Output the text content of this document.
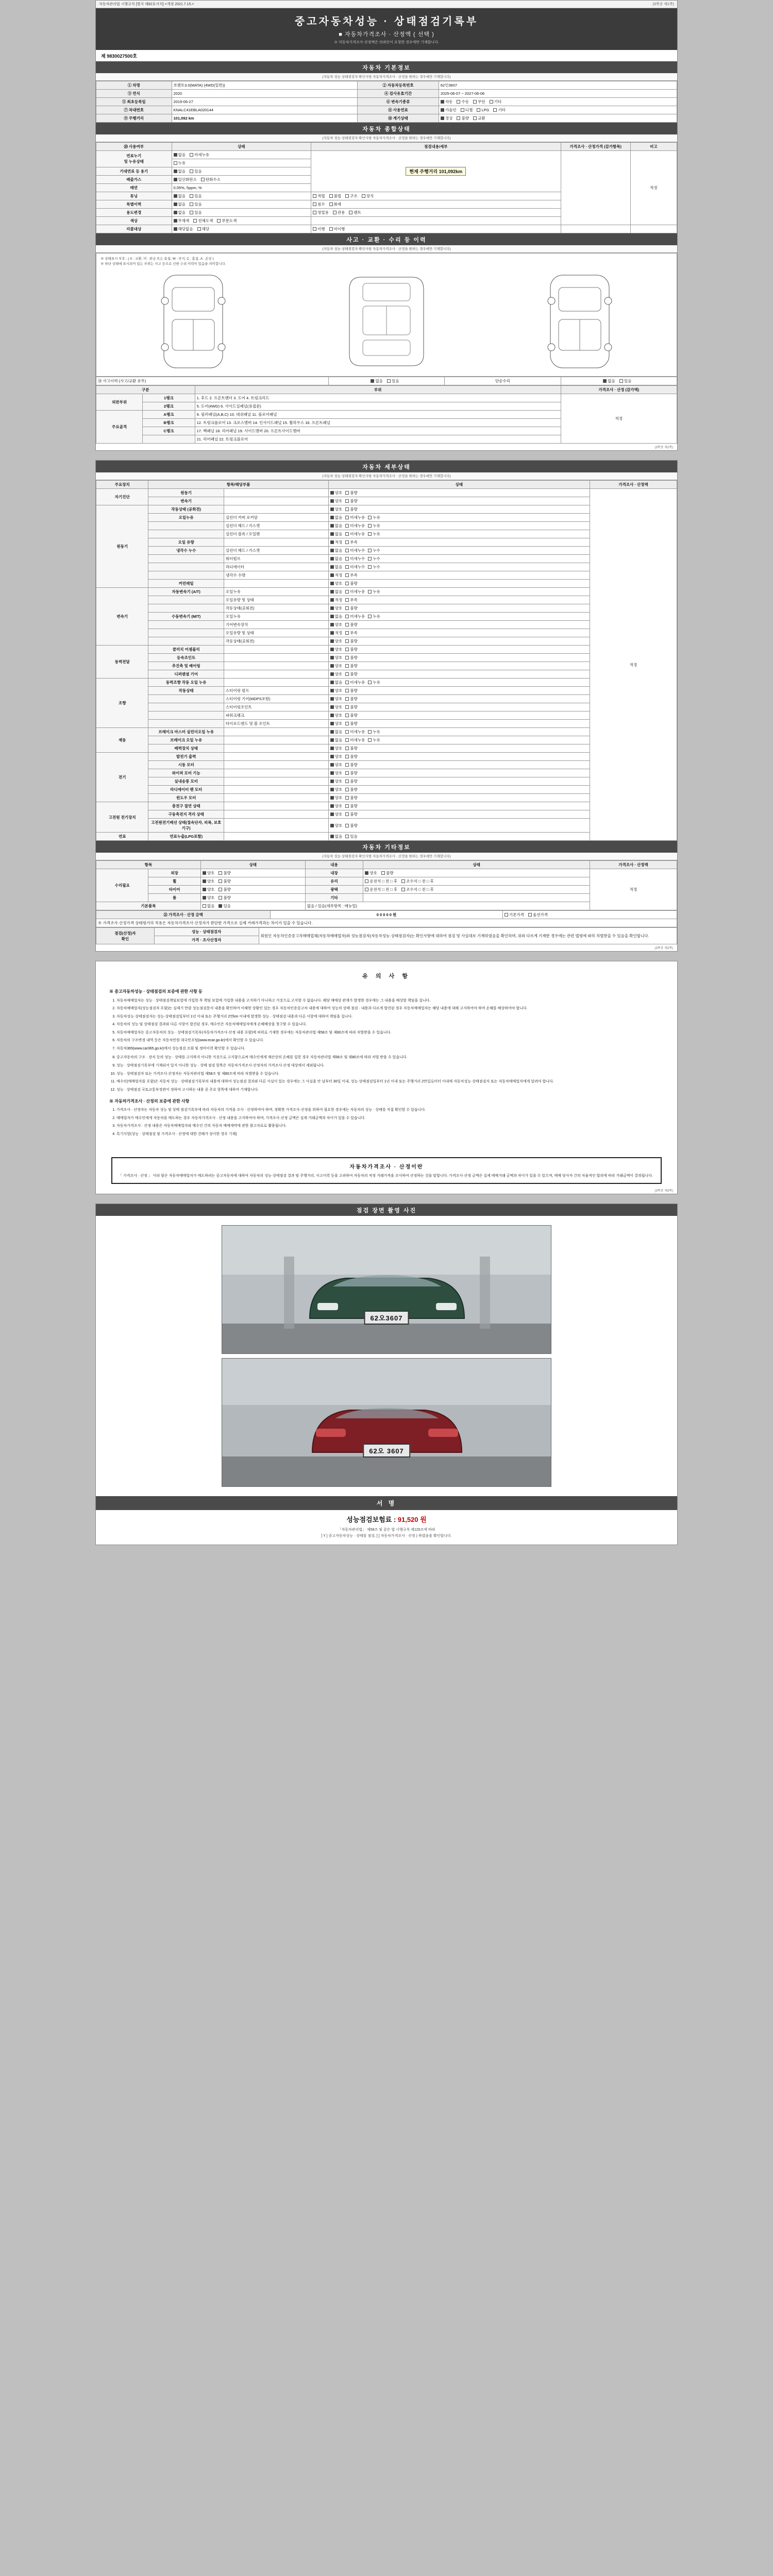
자동차관리법 시행규칙 [별지 제82호서식] <개정 2021.7.15.>	(3쪽중 제1쪽)
중고자동차성능 · 상태점검기록부
■ 자동차가격조사 · 산정액 ( 선택 )
※ 자동차가격조사·산정액은 의뢰인이 요청한 경우에만 기재합니다.
제 9830027500호
자동차 기본정보
(자동차 성능·상태점검자 확인사항 자동차가격조사 · 산정을 원하는 경우에만 기재합니다)
① 차명	쏘렌토3.0(MATA) (4WD(일반))	② 자동차등록번호	62인3607
③ 연식	2020	④ 검사유효기간	2025-06-07 ~ 2027-06-06
⑤ 최초등록일	2019-06-27	⑥ 변속기종류	자동 수동 무단 기타
⑦ 차대번호	KNALC41EBLA020144	⑧ 사용연료	가솔린 디젤 LPG 기타
⑨ 주행거리	101,092 km	⑩ 계기상태	정상 불량 교환
자동차 종합상태
(자동차 성능·상태점검자 확인사항 자동차가격조사 · 산정을 원하는 경우에만 기재합니다)
⑳ 사용여부	상태	점검내용/세부	가격조사 · 산정가격 (감가항목)	비고
연료누기
및 누유상태	없음 미세누유	현재 주행거리 101,092km		적정
	누유			
기대연료 등 용기	없음 있음			
배출가스	일산화탄소 탄화수소			
매연	0.05%, 5ppm, %			
튜닝	없음 있음	적법 불법 구조 장치		
특별이력	없음 있음	침수 화재		
용도변경	없음 있음	영업용 관용 렌트		
색상	무채색 전체도색 부분도색			
리콜대상	해당없음 해당	이행 미이행		
사고 · 교환 · 수리 등 이력
(자동차 성능·상태점검자 확인사항 자동차가격조사 · 산정을 원하는 경우에만 기재합니다)
※ 상태표시 부호 : ( X : 교환, 미 : 판금 또는 용접, W : 부식, C : 흠집, A : 손상 )
※ 하단 상태에 표시되어 있는 부위는 사고 등으로 인한 수리 이력이 있음을 의미합니다.
⑳ 사고이력 (사고/교환 유무)	없음 있음	단순수리	없음 있음
구분		부위	가격조사 · 산정 (감가액)
외판부위	1랭크	1. 후드 2. 프론트팬더 3. 도어 4. 트렁크리드	적정
	2랭크	5. 도어(4WD) 6. 사이드실패널(용접문)	
주요골격	A랭크	9. 필러패널(A,B,C) 10. 대쉬패널 11. 플로어패널	
	B랭크	12. 트렁크플로어 13. 크로스멤버 14. 인사이드패널 15. 휠하우스 16. 프론트패널	
	C랭크	17. 백패널 18. 리어패널 19. 사이드멤버 20. 프론트사이드멤버	
		21. 리어패널 22. 트렁크플로어	
(3쪽중 제1쪽)
자동차 세부상태
(자동차 성능·상태점검자 확인사항 자동차가격조사 · 산정을 원하는 경우에만 기재합니다)
주요장치	항목/해당부품		상태	가격조사 · 산정액
자기진단	원동기		양호 불량	적정
	변속기		양호 불량	
원동기	작동상태 (공회전)		양호 불량	
	오일누유	실린더 커버 로커암	없음 미세누유 누유	
		실린더 헤드 / 가스켓	없음 미세누유 누유	
		실린더 블록 / 오일팬	없음 미세누유 누유	
	오일 유량		적정 부족	
	냉각수 누수	실린더 헤드 / 가스켓	없음 미세누수 누수	
		워터펌프	없음 미세누수 누수	
		라디에이터	없음 미세누수 누수	
		냉각수 수량	적정 부족	
	커먼레일		양호 불량	
변속기	자동변속기 (A/T)	오일누유	없음 미세누유 누유	
		오일유량 및 상태	적정 부족	
		작동상태(공회전)	양호 불량	
	수동변속기 (M/T)	오일누유	없음 미세누유 누유	
		기어변속장치	양호 불량	
		오일유량 및 상태	적정 부족	
		작동상태(공회전)	양호 불량	
동력전달	클러치 어셈블리		양호 불량	
	등속조인트		양호 불량	
	추진축 및 베어링		양호 불량	
	디퍼렌셜 기어		양호 불량	
조향	동력조향 작동 오일 누유		없음 미세누유 누유	
	작동상태	스티어링 펌프	양호 불량	
		스티어링 기어(MDPS포함)	양호 불량	
		스티어링조인트	양호 불량	
		파워크랭크	양호 불량	
		타이로드엔드 및 볼 조인트	양호 불량	
제동	브레이크 마스터 실린더오일 누유		없음 미세누유 누유	
	브레이크 오일 누유		없음 미세누유 누유	
	배력장치 상태		양호 불량	
전기	발전기 출력		양호 불량	
	시동 모터		양호 불량	
	와이퍼 모터 기능		양호 불량	
	실내송풍 모터		양호 불량	
	라디에이터 팬 모터		양호 불량	
	윈도우 모터		양호 불량	
고전원 전기장치	충전구 절연 상태		양호 불량	
	구동축전지 격리 상태		양호 불량	
	고전원전기배선 상태(접속단자, 피복, 보호기구)		양호 불량	
연료	연료누출(LPG포함)		없음 있음	
자동차 기타정보
(자동차 성능·상태점검자 확인사항 자동차가격조사 · 산정을 원하는 경우에만 기재합니다)
항목		상태	내용	상태	가격조사 · 산정액
수리필요	외장	양호 불량	내장	양호 불량	적정
	휠	양호 불량	유리	운전석 □ 전 □ 후 조수석 □ 전 □ 후	
	타이어	양호 불량	광택	운전석 □ 전 □ 후 조수석 □ 전 □ 후	
	룸	양호 불량	기타		
기본품목		없음 있음	없음 / 있음(세부항목 : 메뉴얼)		
㉑ 가격조사 · 산정 금액	0 0 0 0 0 원	기본가격 옵션가격
※ 가격조사·산정가격 상태평가의 적용은 자동차가격조사·산정자가 판단한 가격으로 실제 거래가격과는 차이가 있을 수 있습니다.
점검(산정)자
확인	성능 · 상태점검자	회원인 자동차인증중고차매매업체(자동차매매업자)와 성능점검자(자동차성능·상태점검자)는 확인사항에 대하여 점검 및 사실대로 기재하였음을 확인하며, 위와 다르게 기재한 경우에는 관련 법령에 따라 처벌받을 수 있음을 확인합니다.
가격 · 조사산정자
(3쪽중 제2쪽)
유 의 사 항
※ 중고자동차성능 · 상태점검의 보증에 관한 사항 등
1. 자동차매매업자는 성능 · 상태점검책임보험에 가입한 후 책임 보험에 가입한 내용을 고지하기 아니하고 거짓으로 고지할 수 없습니다. 해당 매매상 관계가 발생한 경우에는 그 내용을 배상할 책임을 집니다.
2. 자동차매매업자(성능점검자 포함)는 실제기 만큼 성능점검문서 내용을 확인하여 이해한 상황인 있는 경우 자동차인증중고차 내용에 대하여 성능의 상태 점검 · 내용과 다르게 발견된 경우 자동차매매업자는 해당 내용에 대해 고지하여야 하며 손해를 배상하여야 합니다.
3. 자동차성능·상태점검자는 성능·상태점검일부터 1년 이내 또는 주행거리 2만km 이내에 발생한 성능 · 상태점검 내용과 다른 사항에 대하여 책임을 집니다.
4. 자동차의 성능 및 상태점검 결과와 다른 사항이 발견된 경우, 매수인은 자동차매매업자에게 손해배상을 청구할 수 있습니다.
5. 자동차매매업자는 중고자동차의 성능 · 상태점검기록부(자동차가격조사·산정 내용 포함)에 허위로 기재한 경우에는 자동차관리법 제58조 및 제80조에 따라 처벌받을 수 있습니다.
6. 자동차의 구조변경 내역 등은 자동차민원 대국민포털(www.ecar.go.kr)에서 확인할 수 있습니다.
7. 자동차365(www.car365.go.kr)에서 성능점검 조회 및 정비이력 확인할 수 있습니다.
8. 중고자동차의 구조 · 장치 등의 성능 · 상태를 고지하지 아니한 거짓으로 고지함으로써 매수인에게 재산상의 손해를 입힌 경우 자동차관리법 제58조 및 제80조에 따라 처벌 받을 수 있습니다.
9. 성능 · 상태점검기록부에 기재되어 있지 아니한 성능 · 상태 점검 항목은 자동차가격조사·산정자의 가격조사·산정 대상에서 제외됩니다.
10. 성능 · 상태점검자 또는 가격조사·산정자는 자동차관리법 제58조 및 제80조에 따라 처벌받을 수 있습니다.
11. 매수인(매매업자를 포함)은 자동차 성능 · 상태점검기록부의 내용에 대하여 성능점검 결과와 다른 사실이 있는 경우에는 그 사실을 안 날부터 30일 이내, 성능·상태점검일부터 1년 이내 또는 주행거리 2만킬로미터 이내에 자동차성능·상태점검자 또는 자동차매매업자에게 알려야 합니다.
12. 성능 · 상태점검 국토교통부장관이 정하여 고시하는 내용 중 주요 항목에 대하여 기재합니다.
※ 자동차가격조사 · 산정의 보증에 관한 사항
1. 가격조사 · 산정자는 자동차 성능 및 상태 점검기록부에 따라 자동차의 가격을 조사 · 산정하여야 하며, 정확한 가격조사·산정을 위하여 필요한 경우에는 자동차의 성능 · 상태를 직접 확인할 수 있습니다.
2. 매매업자가 매수인에게 자동차를 매도하는 경우 자동차가격조사 · 산정 내용을 고지하여야 하며, 가격조사·산정 금액은 실제 거래금액과 차이가 있을 수 있습니다.
3. 자동차가격조사 · 산정 내용은 자동차매매업자와 매수인 간의 자동차 매매계약에 관한 참고자료로 활용됩니다.
4. 특기사항(성능 · 상태점검 및 가격조사 · 산정에 대한 견해가 상이한 경우 기재)
자동차가격조사 · 산정이란
「 가격조사 · 산정 」 이라 함은 자동차매매업자가 매도하려는 중고자동차에 대하여 자동차의 성능·상태점검 결과 및 주행거리, 사고이력 등을 고려하여 자동차의 적정 거래가격을 조사하여 산정하는 것을 말합니다. 가격조사·산정 금액은 실제 매매거래 금액과 차이가 있을 수 있으며, 매매 당사자 간의 자율적인 합의에 따라 거래금액이 결정됩니다.
(3쪽중 제3쪽)
점검 장면 촬영 사진
62오3607
62오 3607
서 명
성능점검보험료 : 91,520 원
「자동차관리법」 제58조 및 같은 법 시행규칙 제120조에 따라
[ Y ] 중고자동차성능 · 상태를 점검, [ ] 자동차가격조사 · 산정 ) 하였음을 확인합니다.
